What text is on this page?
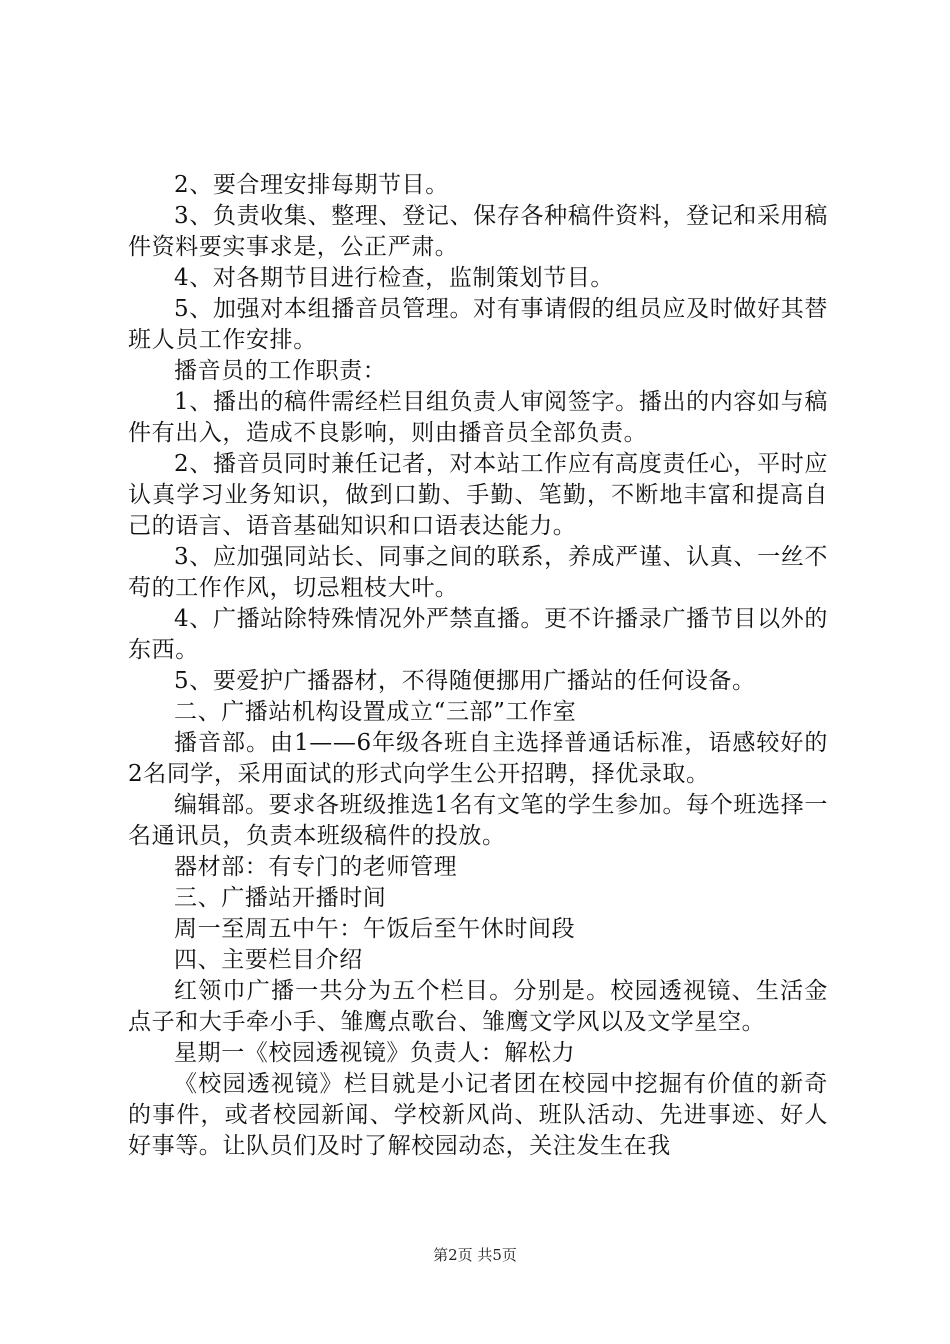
2、要合理安排每期节目。

3、负责收集、整理、登记、保存各种稿件资料，登记和采用稿件资料要实事求是，公正严肃。

4、对各期节目进行检查，监制策划节目。

5、加强对本组播音员管理。对有事请假的组员应及时做好其替班人员工作安排。

播音员的工作职责：

1、播出的稿件需经栏目组负责人审阅签字。播出的内容如与稿件有出入，造成不良影响，则由播音员全部负责。

2、播音员同时兼任记者，对本站工作应有高度责任心，平时应认真学习业务知识，做到口勤、手勤、笔勤，不断地丰富和提高自己的语言、语音基础知识和口语表达能力。

3、应加强同站长、同事之间的联系，养成严谨、认真、一丝不苟的工作作风，切忌粗枝大叶。

4、广播站除特殊情况外严禁直播。更不许播录广播节目以外的东西。

5、要爱护广播器材，不得随便挪用广播站的任何设备。

二、广播站机构设置成立“三部”工作室

播音部。由1——6年级各班自主选择普通话标准，语感较好的2名同学，采用面试的形式向学生公开招聘，择优录取。

编辑部。要求各班级推选1名有文笔的学生参加。每个班选择一名通讯员，负责本班级稿件的投放。

器材部：有专门的老师管理

三、广播站开播时间

周一至周五中午：午饭后至午休时间段

四、主要栏目介绍

红领巾广播一共分为五个栏目。分别是。校园透视镜、生活金点子和大手牵小手、雏鹰点歌台、雏鹰文学风以及文学星空。

星期一《校园透视镜》负责人：解松力

《校园透视镜》栏目就是小记者团在校园中挖掘有价值的新奇的事件，或者校园新闻、学校新风尚、班队活动、先进事迹、好人好事等。让队员们及时了解校园动态，关注发生在我

第2页 共5页
